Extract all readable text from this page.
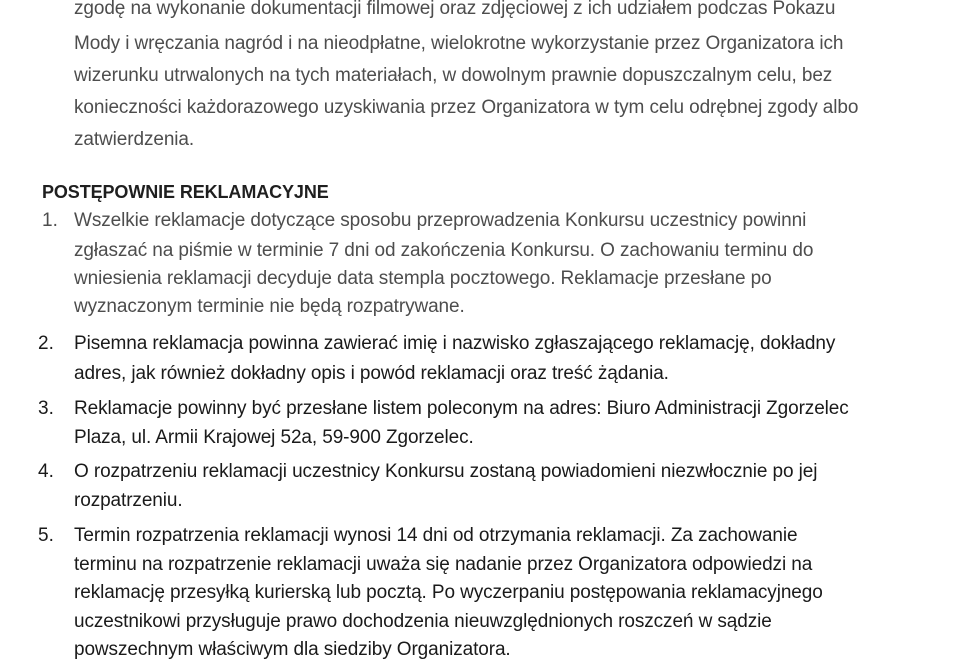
zgodę na wykonanie dokumentacji filmowej oraz zdjęciowej z ich udziałem podczas Pokazu
Mody i wręczania nagród i na nieodpłatne, wielokrotne wykorzystanie przez Organizatora ich
wizerunku utrwalonych na tych materiałach, w dowolnym prawnie dopuszczalnym celu, bez
konieczności każdorazowego uzyskiwania przez Organizatora w tym celu odrębnej zgody albo
zatwierdzenia.
POSTĘPOWNIE REKLAMACYJNE
1. Wszelkie reklamacje dotyczące sposobu przeprowadzenia Konkursu uczestnicy powinni
zgłaszać na piśmie w terminie 7 dni od zakończenia Konkursu. O zachowaniu terminu do
wniesienia reklamacji decyduje data stempla pocztowego. Reklamacje przesłane po
wyznaczonym terminie nie będą rozpatrywane.
2. Pisemna reklamacja powinna zawierać imię i nazwisko zgłaszającego reklamację, dokładny
adres, jak również dokładny opis i powód reklamacji oraz treść żądania.
3. Reklamacje powinny być przesłane listem poleconym na adres: Biuro Administracji Zgorzelec
Plaza, ul. Armii Krajowej 52a, 59-900 Zgorzelec.
4. O rozpatrzeniu reklamacji uczestnicy Konkursu zostaną powiadomieni niezwłocznie po jej
rozpatrzeniu.
5. Termin rozpatrzenia reklamacji wynosi 14 dni od otrzymania reklamacji. Za zachowanie
terminu na rozpatrzenie reklamacji uważa się nadanie przez Organizatora odpowiedzi na
reklamację przesyłką kurierską lub pocztą. Po wyczerpaniu postępowania reklamacyjnego
uczestnikowi przysługuje prawo dochodzenia nieuwzględnionych roszczeń w sądzie
powszechnym właściwym dla siedziby Organizatora.
